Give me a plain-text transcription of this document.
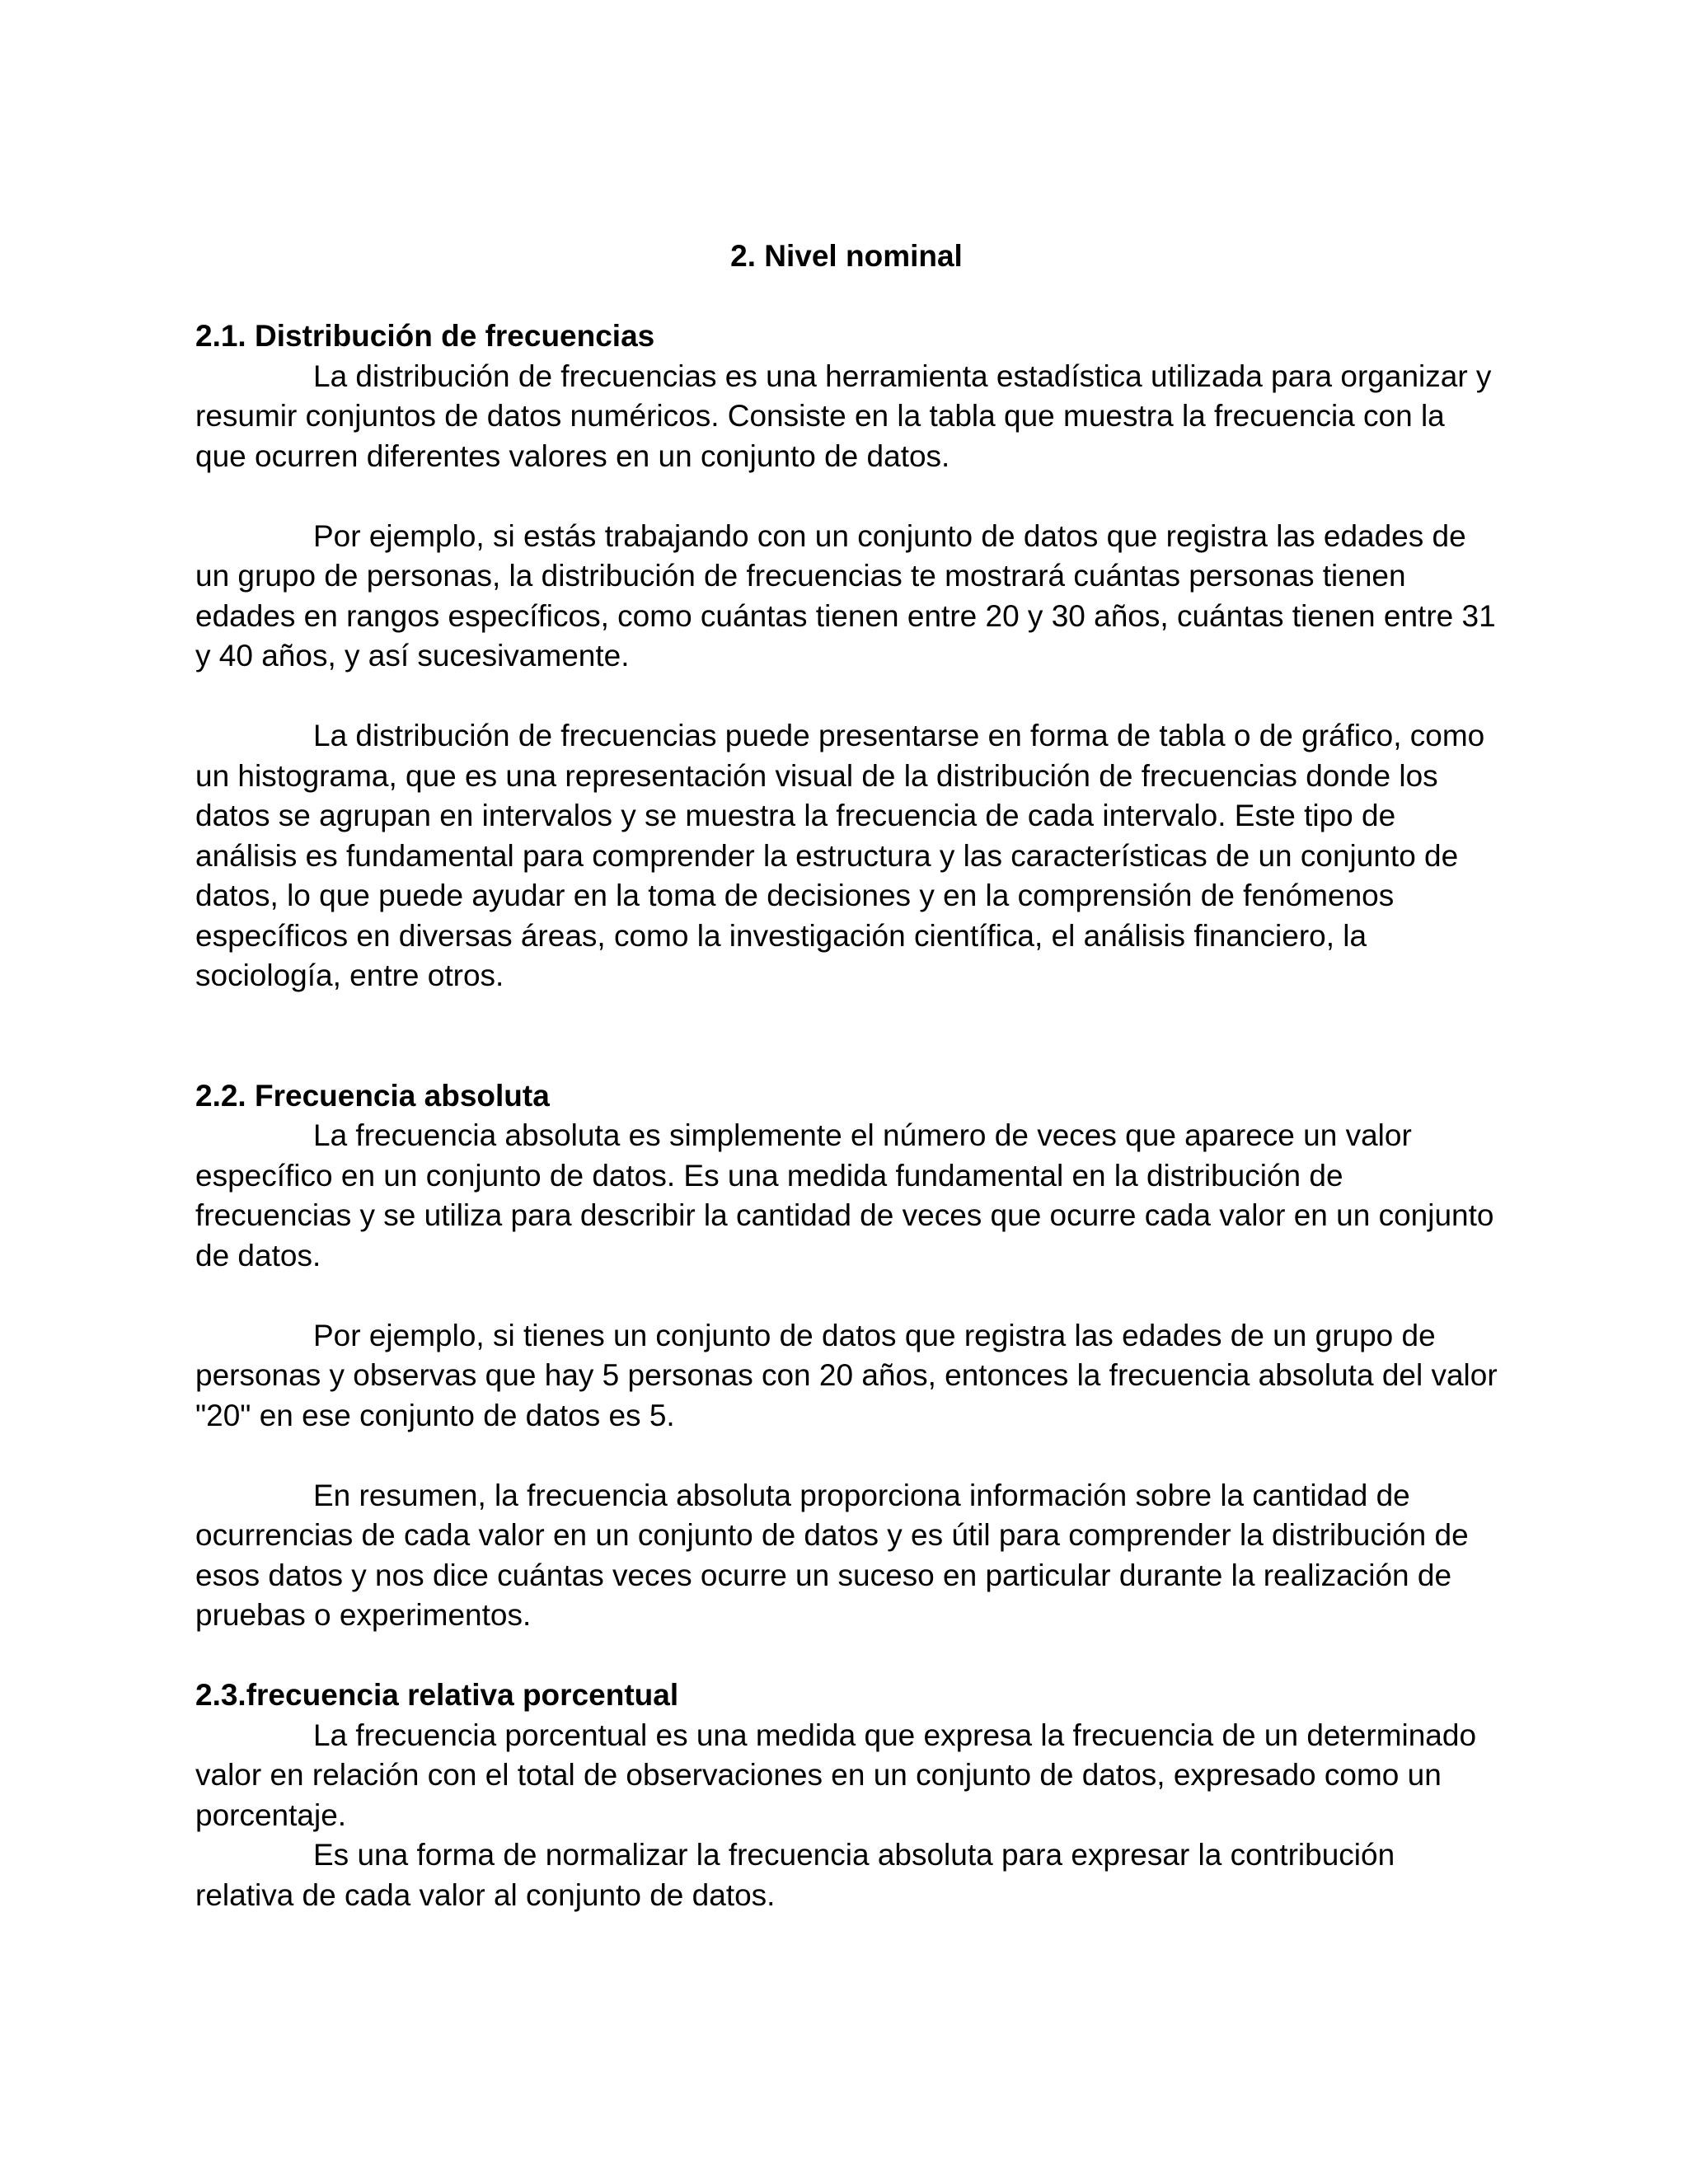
2. Nivel nominal
2.1. Distribución de frecuencias

La distribución de frecuencias es una herramienta estadística utilizada para organizar y resumir conjuntos de datos numéricos. Consiste en la tabla que muestra la frecuencia con la que ocurren diferentes valores en un conjunto de datos.

Por ejemplo, si estás trabajando con un conjunto de datos que registra las edades de un grupo de personas, la distribución de frecuencias te mostrará cuántas personas tienen edades en rangos específicos, como cuántas tienen entre 20 y 30 años, cuántas tienen entre 31 y 40 años, y así sucesivamente.

La distribución de frecuencias puede presentarse en forma de tabla o de gráfico, como un histograma, que es una representación visual de la distribución de frecuencias donde los datos se agrupan en intervalos y se muestra la frecuencia de cada intervalo. Este tipo de análisis es fundamental para comprender la estructura y las características de un conjunto de datos, lo que puede ayudar en la toma de decisiones y en la comprensión de fenómenos específicos en diversas áreas, como la investigación científica, el análisis financiero, la sociología, entre otros.

2.2. Frecuencia absoluta

La frecuencia absoluta es simplemente el número de veces que aparece un valor específico en un conjunto de datos. Es una medida fundamental en la distribución de frecuencias y se utiliza para describir la cantidad de veces que ocurre cada valor en un conjunto de datos.

Por ejemplo, si tienes un conjunto de datos que registra las edades de un grupo de personas y observas que hay 5 personas con 20 años, entonces la frecuencia absoluta del valor "20" en ese conjunto de datos es 5.

En resumen, la frecuencia absoluta proporciona información sobre la cantidad de ocurrencias de cada valor en un conjunto de datos y es útil para comprender la distribución de esos datos y nos dice cuántas veces ocurre un suceso en particular durante la realización de pruebas o experimentos.

2.3.frecuencia relativa porcentual

La frecuencia porcentual es una medida que expresa la frecuencia de un determinado valor en relación con el total de observaciones en un conjunto de datos, expresado como un porcentaje.

Es una forma de normalizar la frecuencia absoluta para expresar la contribución relativa de cada valor al conjunto de datos.
